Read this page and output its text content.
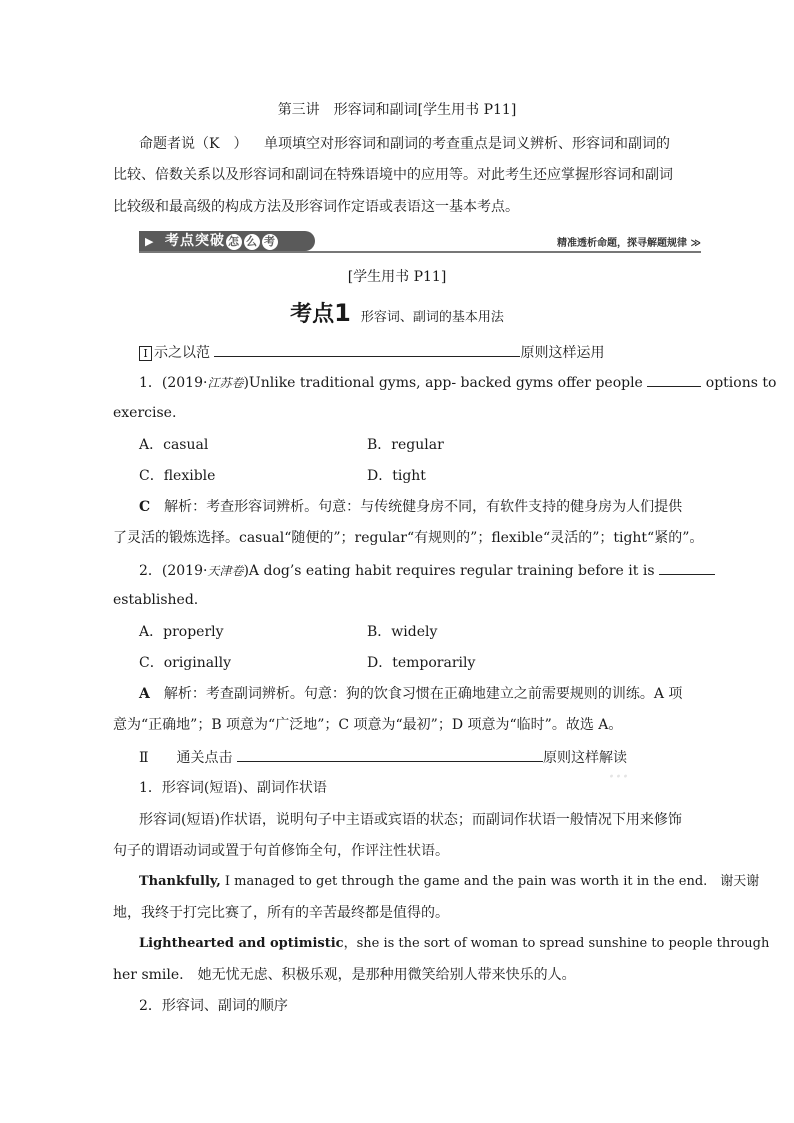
第三讲　形容词和副词[学生用书 P11]
命题者说（K　） 单项填空对形容词和副词的考查重点是词义辨析、形容词和副词的
比较、倍数关系以及形容词和副词在特殊语境中的应用等。对此考生还应掌握形容词和副词
比较级和最高级的构成方法及形容词作定语或表语这一基本考点。
▶ 考点突破 怎 么 考	精准透析命题，探寻解题规律 ≫
[学生用书 P11]
考点1 形容词、副词的基本用法
I 示之以范	原则这样运用
1．(2019·江苏卷)Unlike traditional gyms, app- backed gyms offer people	options to
exercise.
A．casual	B．regular
C．flexible	D．tight
C　 解析：考查形容词辨析。句意：与传统健身房不同，有软件支持的健身房为人们提供
了灵活的锻炼选择。casual“随便的”；regular“有规则的”；flexible“灵活的”；tight“紧的”。
2．(2019·天津卷)A dog’s eating habit requires regular training before it is
established.
A．properly	B．widely
C．originally	D．temporarily
A　 解析：考查副词辨析。句意：狗的饮食习惯在正确地建立之前需要规则的训练。A 项
意为“正确地”；B 项意为“广泛地”；C 项意为“最初”；D 项意为“临时”。故选 A。
Ⅱ　　 通关点击	原则这样解读
···
1．形容词(短语)、副词作状语
形容词(短语)作状语，说明句子中主语或宾语的状态；而副词作状语一般情况下用来修饰
句子的谓语动词或置于句首修饰全句，作评注性状语。
Thankfully, I managed to get through the game and the pain was worth it in the end.　谢天谢
地，我终于打完比赛了，所有的辛苦最终都是值得的。
Lighthearted and optimistic，she is the sort of woman to spread sunshine to people through
her smile.　她无忧无虑、积极乐观，是那种用微笑给别人带来快乐的人。
2．形容词、副词的顺序
